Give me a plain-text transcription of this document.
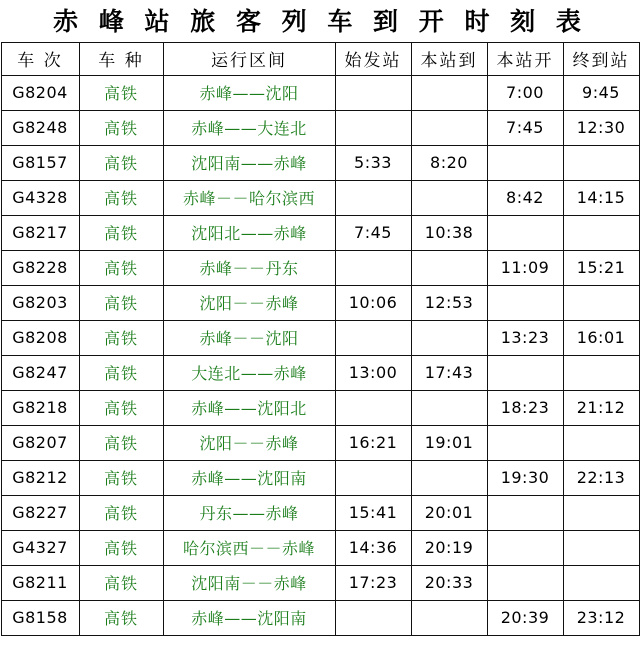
赤 峰 站 旅 客 列 车 到 开 时 刻 表
车 次	车 种	运行区间	始发站	本站到	本站开	终到站
G8204	高铁	赤峰——沈阳			7:00	9:45
G8248	高铁	赤峰——大连北			7:45	12:30
G8157	高铁	沈阳南——赤峰	5:33	8:20		
G4328	高铁	赤峰－－哈尔滨西			8:42	14:15
G8217	高铁	沈阳北——赤峰	7:45	10:38		
G8228	高铁	赤峰－－丹东			11:09	15:21
G8203	高铁	沈阳－－赤峰	10:06	12:53		
G8208	高铁	赤峰－－沈阳			13:23	16:01
G8247	高铁	大连北——赤峰	13:00	17:43		
G8218	高铁	赤峰——沈阳北			18:23	21:12
G8207	高铁	沈阳－－赤峰	16:21	19:01		
G8212	高铁	赤峰——沈阳南			19:30	22:13
G8227	高铁	丹东——赤峰	15:41	20:01		
G4327	高铁	哈尔滨西－－赤峰	14:36	20:19		
G8211	高铁	沈阳南－－赤峰	17:23	20:33		
G8158	高铁	赤峰——沈阳南			20:39	23:12
